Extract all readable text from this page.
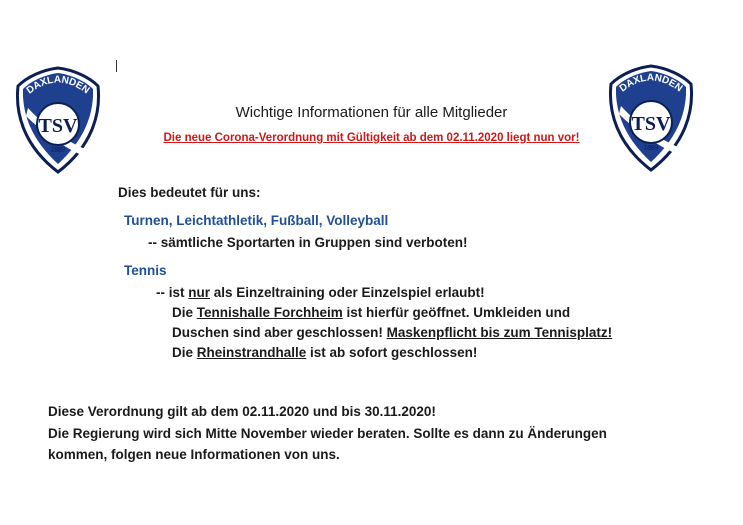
DAXLANDEN
TSV
1889
DAXLANDEN
TSV
1889
Wichtige Informationen für alle Mitglieder
Die neue Corona-Verordnung mit Gültigkeit ab dem 02.11.2020 liegt nun vor!
Dies bedeutet für uns:
Turnen, Leichtathletik, Fußball, Volleyball
-- sämtliche Sportarten in Gruppen sind verboten!
Tennis
-- ist nur als Einzeltraining oder Einzelspiel erlaubt!
Die Tennishalle Forchheim ist hierfür geöffnet. Umkleiden und
Duschen sind aber geschlossen! Maskenpflicht bis zum Tennisplatz!
Die Rheinstrandhalle ist ab sofort geschlossen!
Diese Verordnung gilt ab dem 02.11.2020 und bis 30.11.2020!
Die Regierung wird sich Mitte November wieder beraten. Sollte es dann zu Änderungen
kommen, folgen neue Informationen von uns.
